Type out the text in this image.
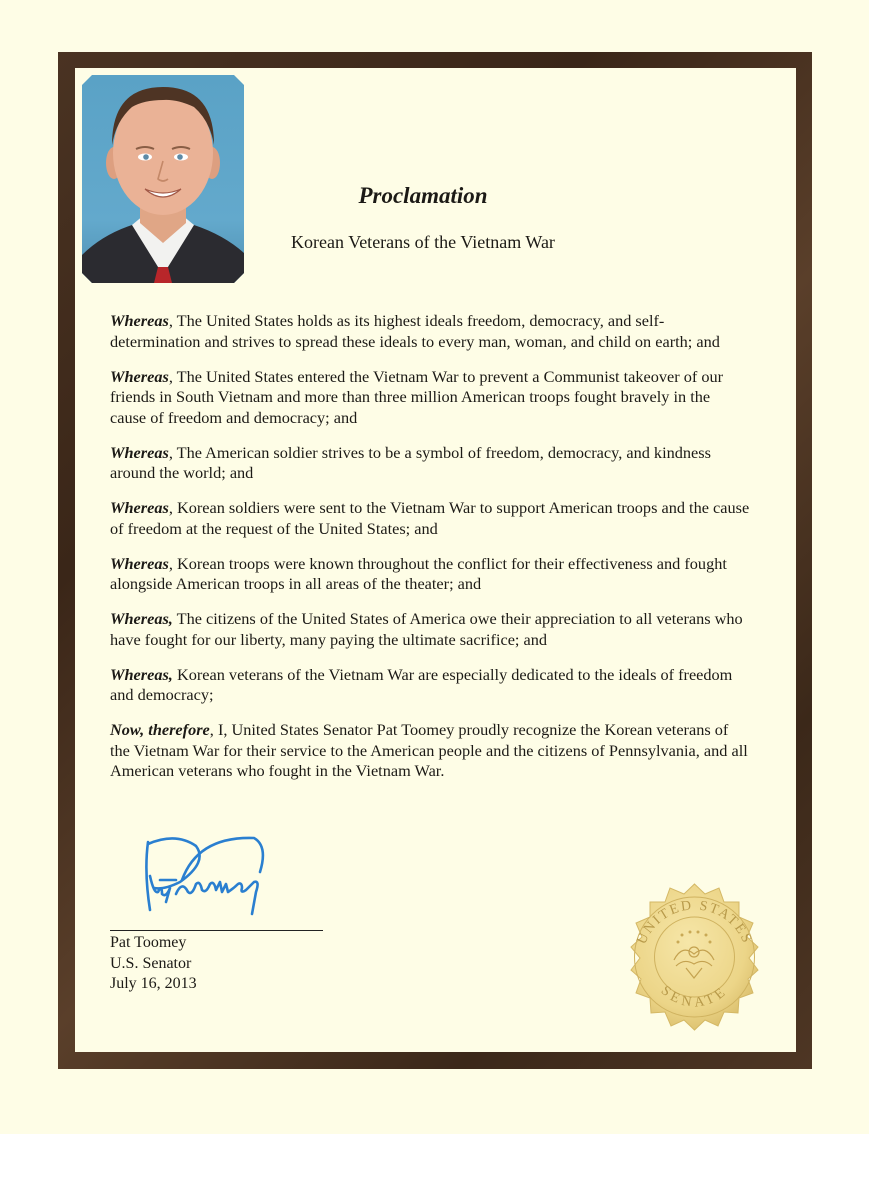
Proclamation
Korean Veterans of the Vietnam War

Whereas, The United States holds as its highest ideals freedom, democracy, and self-determination and strives to spread these ideals to every man, woman, and child on earth; and

Whereas, The United States entered the Vietnam War to prevent a Communist takeover of our friends in South Vietnam and more than three million American troops fought bravely in the cause of freedom and democracy; and

Whereas, The American soldier strives to be a symbol of freedom, democracy, and kindness around the world; and

Whereas, Korean soldiers were sent to the Vietnam War to support American troops and the cause of freedom at the request of the United States; and

Whereas, Korean troops were known throughout the conflict for their effectiveness and fought alongside American troops in all areas of the theater; and

Whereas, The citizens of the United States of America owe their appreciation to all veterans who have fought for our liberty, many paying the ultimate sacrifice; and

Whereas, Korean veterans of the Vietnam War are especially dedicated to the ideals of freedom and democracy;

Now, therefore, I, United States Senator Pat Toomey proudly recognize the Korean veterans of the Vietnam War for their service to the American people and the citizens of Pennsylvania, and all American veterans who fought in the Vietnam War.

Pat Toomey
U.S. Senator
July 16, 2013
UNITED STATES
SENATE
